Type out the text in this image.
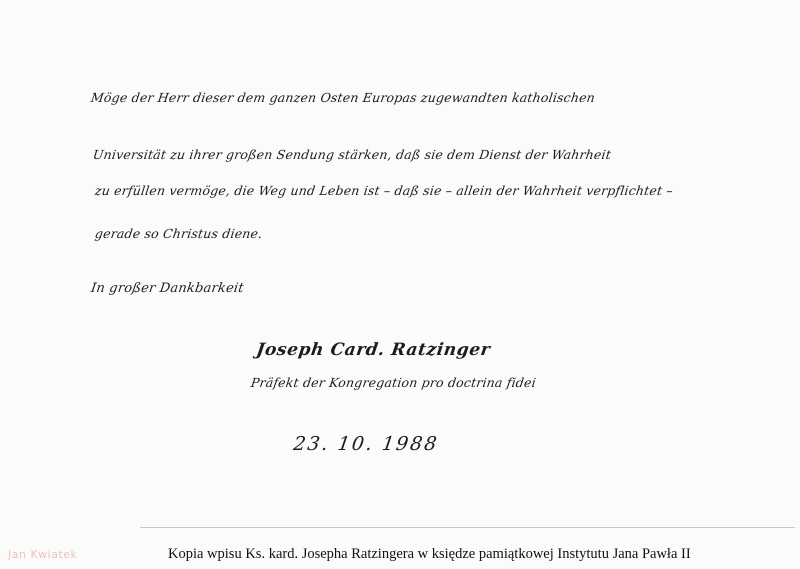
Möge der Herr dieser dem ganzen Osten Europas zugewandten katholischen
Universität zu ihrer großen Sendung stärken, daß sie dem Dienst der Wahrheit
zu erfüllen vermöge, die Weg und Leben ist – daß sie – allein der Wahrheit verpflichtet –
gerade so Christus diene.
In großer Dankbarkeit
Joseph Card. Ratzinger
Präfekt der Kongregation pro doctrina fidei
23. 10. 1988
Jan Kwiatek	Kopia wpisu Ks. kard. Josepha Ratzingera w księdze pamiątkowej Instytutu Jana Pawła II
